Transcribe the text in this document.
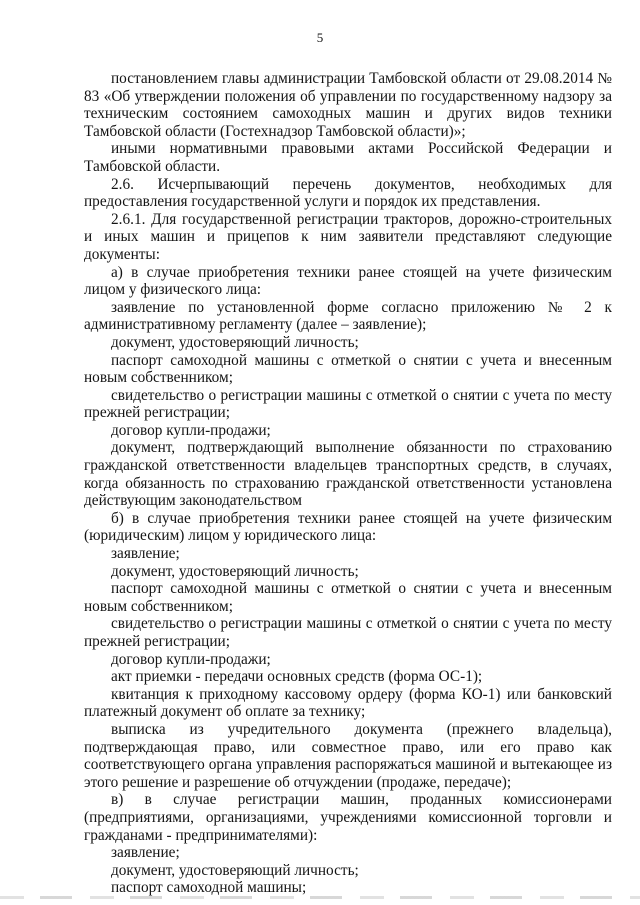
5

постановлением главы администрации Тамбовской области от 29.08.2014 № 83 «Об утверждении положения об управлении по государственному надзору за техническим состоянием самоходных машин и других видов техники Тамбовской области (Гостехнадзор Тамбовской области)»;

иными нормативными правовыми актами Российской Федерации и Тамбовской области.

2.6. Исчерпывающий перечень документов, необходимых для предоставления государственной услуги и порядок их представления.

2.6.1. Для государственной регистрации тракторов, дорожно-строительных и иных машин и прицепов к ним заявители представляют следующие документы:

а) в случае приобретения техники ранее стоящей на учете физическим лицом у физического лица:

заявление по установленной форме согласно приложению № 2 к административному регламенту (далее – заявление);

документ, удостоверяющий личность;

паспорт самоходной машины с отметкой о снятии с учета и внесенным новым собственником;

свидетельство о регистрации машины с отметкой о снятии с учета по месту прежней регистрации;

договор купли-продажи;

документ, подтверждающий выполнение обязанности по страхованию гражданской ответственности владельцев транспортных средств, в случаях, когда обязанность по страхованию гражданской ответственности установлена действующим законодательством

б) в случае приобретения техники ранее стоящей на учете физическим (юридическим) лицом у юридического лица:

заявление;

документ, удостоверяющий личность;

паспорт самоходной машины с отметкой о снятии с учета и внесенным новым собственником;

свидетельство о регистрации машины с отметкой о снятии с учета по месту прежней регистрации;

договор купли-продажи;

акт приемки - передачи основных средств (форма ОС-1);

квитанция к приходному кассовому ордеру (форма КО-1) или банковский платежный документ об оплате за технику;

выписка из учредительного документа (прежнего владельца), подтверждающая право, или совместное право, или его право как соответствующего органа управления распоряжаться машиной и вытекающее из этого решение и разрешение об отчуждении (продаже, передаче);

в) в случае регистрации машин, проданных комиссионерами (предприятиями, организациями, учреждениями комиссионной торговли и гражданами - предпринимателями):

заявление;

документ, удостоверяющий личность;

паспорт самоходной машины;
